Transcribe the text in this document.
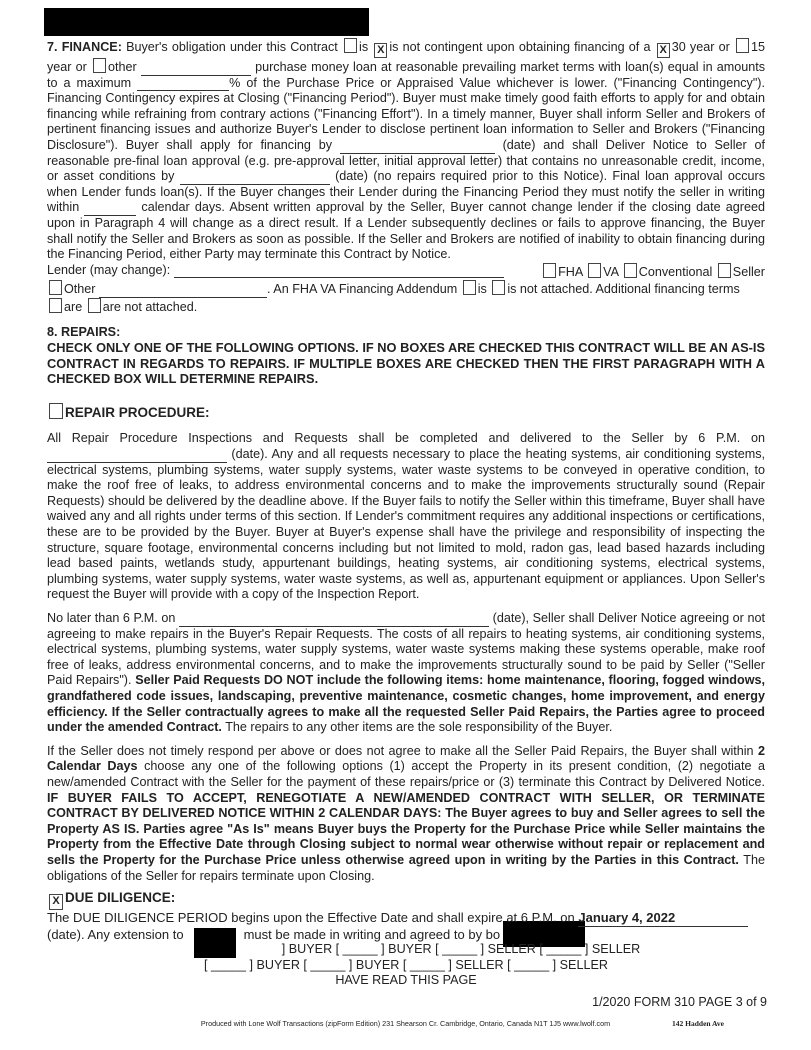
7. FINANCE: Buyer's obligation under this Contract is X is not contingent upon obtaining financing of a X 30 year or 15 year or other	purchase money loan at reasonable prevailing market terms with loan(s) equal in amounts to a maximum	% of the Purchase Price or Appraised Value whichever is lower. ("Financing Contingency"). Financing Contingency expires at Closing ("Financing Period"). Buyer must make timely good faith efforts to apply for and obtain financing while refraining from contrary actions ("Financing Effort"). In a timely manner, Buyer shall inform Seller and Brokers of pertinent financing issues and authorize Buyer's Lender to disclose pertinent loan information to Seller and Brokers ("Financing Disclosure"). Buyer shall apply for financing by	(date) and shall Deliver Notice to Seller of reasonable pre-final loan approval (e.g. pre-approval letter, initial approval letter) that contains no unreasonable credit, income, or asset conditions by	(date) (no repairs required prior to this Notice). Final loan approval occurs when Lender funds loan(s). If the Buyer changes their Lender during the Financing Period they must notify the seller in writing within	calendar days. Absent written approval by the Seller, Buyer cannot change lender if the closing date agreed upon in Paragraph 4 will change as a direct result. If a Lender subsequently declines or fails to approve financing, the Buyer shall notify the Seller and Brokers as soon as possible. If the Seller and Brokers are notified of inability to obtain financing during the Financing Period, either Party may terminate this Contract by Notice.

Lender (may change):	FHA VA Conventional Seller
Other	. An FHA VA Financing Addendum is is not attached. Additional financing terms
are are not attached.

8. REPAIRS:

CHECK ONLY ONE OF THE FOLLOWING OPTIONS. IF NO BOXES ARE CHECKED THIS CONTRACT WILL BE AN AS-IS CONTRACT IN REGARDS TO REPAIRS. IF MULTIPLE BOXES ARE CHECKED THEN THE FIRST PARAGRAPH WITH A CHECKED BOX WILL DETERMINE REPAIRS.

REPAIR PROCEDURE:

All Repair Procedure Inspections and Requests shall be completed and delivered to the Seller by 6 P.M. on  (date). Any and all requests necessary to place the heating systems, air conditioning systems, electrical systems, plumbing systems, water supply systems, water waste systems to be conveyed in operative condition, to make the roof free of leaks, to address environmental concerns and to make the improvements structurally sound (Repair Requests) should be delivered by the deadline above. If the Buyer fails to notify the Seller within this timeframe, Buyer shall have waived any and all rights under terms of this section. If Lender's commitment requires any additional inspections or certifications, these are to be provided by the Buyer. Buyer at Buyer's expense shall have the privilege and responsibility of inspecting the structure, square footage, environmental concerns including but not limited to mold, radon gas, lead based hazards including lead based paints, wetlands study, appurtenant buildings, heating systems, air conditioning systems, electrical systems, plumbing systems, water supply systems, water waste systems, as well as, appurtenant equipment or appliances. Upon Seller's request the Buyer will provide with a copy of the Inspection Report.

No later than 6 P.M. on	(date), Seller shall Deliver Notice agreeing or not agreeing to make repairs in the Buyer's Repair Requests. The costs of all repairs to heating systems, air conditioning systems, electrical systems, plumbing systems, water supply systems, water waste systems making these systems operable, make roof free of leaks, address environmental concerns, and to make the improvements structurally sound to be paid by Seller ("Seller Paid Repairs"). Seller Paid Requests DO NOT include the following items: home maintenance, flooring, fogged windows, grandfathered code issues, landscaping, preventive maintenance, cosmetic changes, home improvement, and energy efficiency. If the Seller contractually agrees to make all the requested Seller Paid Repairs, the Parties agree to proceed under the amended Contract. The repairs to any other items are the sole responsibility of the Buyer.

If the Seller does not timely respond per above or does not agree to make all the Seller Paid Repairs, the Buyer shall within 2 Calendar Days choose any one of the following options (1) accept the Property in its present condition, (2) negotiate a new/amended Contract with the Seller for the payment of these repairs/price or (3) terminate this Contract by Delivered Notice. IF BUYER FAILS TO ACCEPT, RENEGOTIATE A NEW/AMENDED CONTRACT WITH SELLER, OR TERMINATE CONTRACT BY DELIVERED NOTICE WITHIN 2 CALENDAR DAYS: The Buyer agrees to buy and Seller agrees to sell the Property AS IS. Parties agree "As Is" means Buyer buys the Property for the Purchase Price while Seller maintains the Property from the Effective Date through Closing subject to normal wear otherwise without repair or replacement and sells the Property for the Purchase Price unless otherwise agreed upon in writing by the Parties in this Contract. The obligations of the Seller for repairs terminate upon Closing.

X DUE DILIGENCE:

The DUE DILIGENCE PERIOD begins upon the Effective Date and shall expire at 6 P.M. on January 4, 2022

(date). Any extension to	must be made in writing and agreed to by bo

] BUYER [ _____ ] BUYER [ _____ ] SELLER [ _____ ] SELLER

[ _____ ] BUYER [ _____ ] BUYER [ _____ ] SELLER [ _____ ] SELLER

HAVE READ THIS PAGE

1/2020 FORM 310 PAGE 3 of 9
Produced with Lone Wolf Transactions (zipForm Edition) 231 Shearson Cr. Cambridge, Ontario, Canada N1T 1J5 www.lwolf.com	142 Hadden Ave
